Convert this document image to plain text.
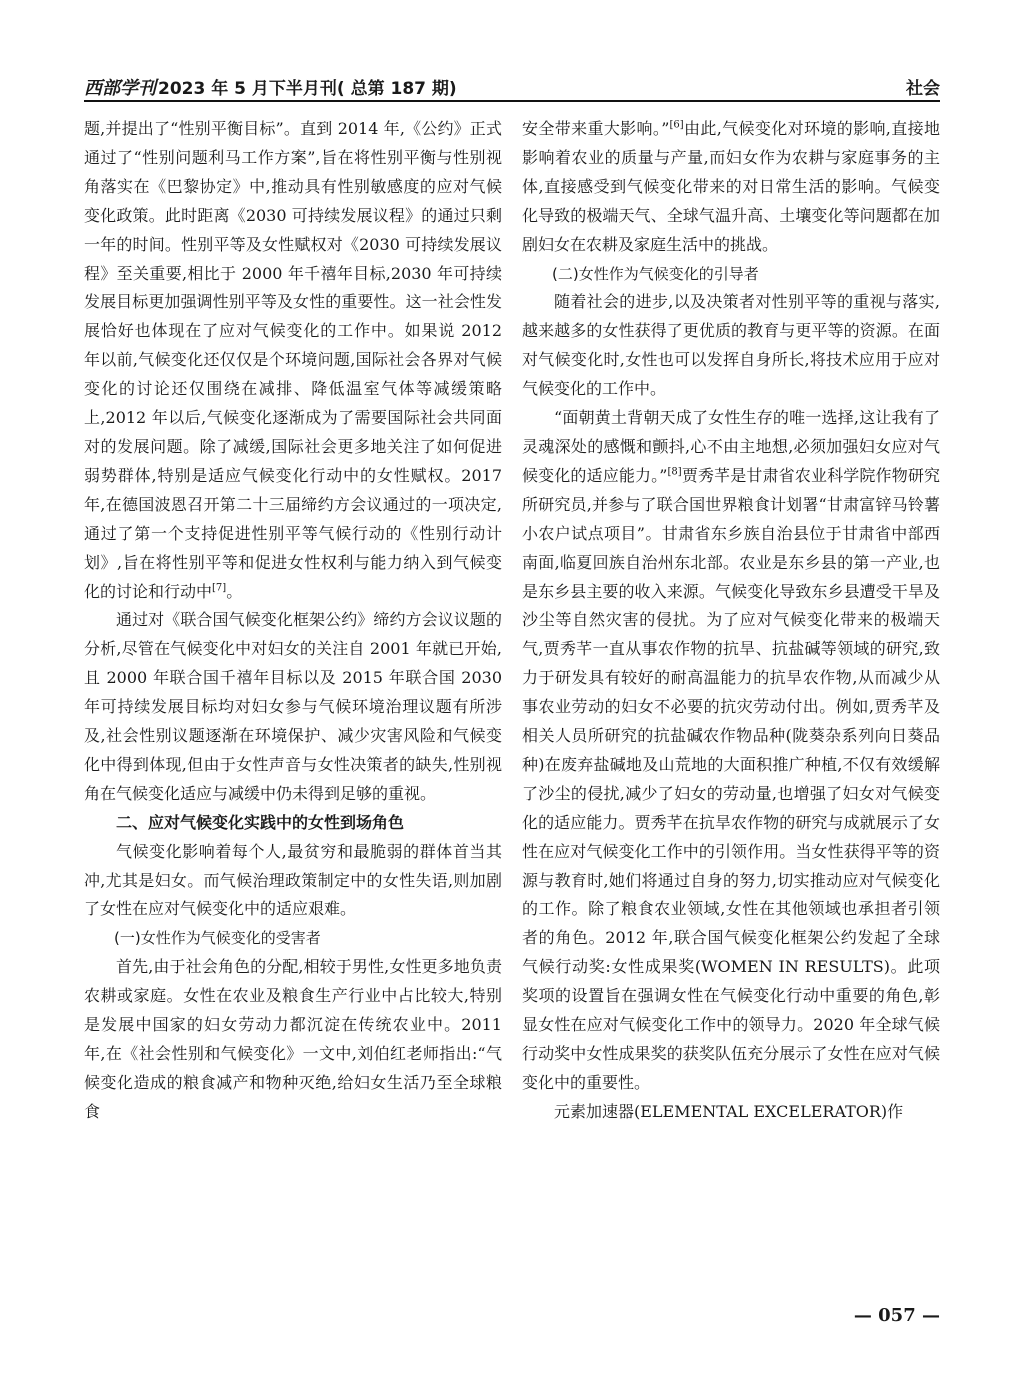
西部学刊 2023 年 5 月下半月刊( 总第 187 期)	社会

题,并提出了“性别平衡目标”。直到 2014 年,《公约》正式通过了“性别问题利马工作方案”,旨在将性别平衡与性别视角落实在《巴黎协定》中,推动具有性别敏感度的应对气候变化政策。此时距离《2030 可持续发展议程》的通过只剩一年的时间。性别平等及女性赋权对《2030 可持续发展议程》至关重要,相比于 2000 年千禧年目标,2030 年可持续发展目标更加强调性别平等及女性的重要性。这一社会性发展恰好也体现在了应对气候变化的工作中。如果说 2012 年以前,气候变化还仅仅是个环境问题,国际社会各界对气候变化的讨论还仅围绕在减排、降低温室气体等减缓策略上,2012 年以后,气候变化逐渐成为了需要国际社会共同面对的发展问题。除了减缓,国际社会更多地关注了如何促进弱势群体,特别是适应气候变化行动中的女性赋权。2017 年,在德国波恩召开第二十三届缔约方会议通过的一项决定,通过了第一个支持促进性别平等气候行动的《性别行动计划》,旨在将性别平等和促进女性权利与能力纳入到气候变化的讨论和行动中[7]。

通过对《联合国气候变化框架公约》缔约方会议议题的分析,尽管在气候变化中对妇女的关注自 2001 年就已开始,且 2000 年联合国千禧年目标以及 2015 年联合国 2030 年可持续发展目标均对妇女参与气候环境治理议题有所涉及,社会性别议题逐渐在环境保护、减少灾害风险和气候变化中得到体现,但由于女性声音与女性决策者的缺失,性别视角在气候变化适应与减缓中仍未得到足够的重视。

二、应对气候变化实践中的女性到场角色

气候变化影响着每个人,最贫穷和最脆弱的群体首当其冲,尤其是妇女。而气候治理政策制定中的女性失语,则加剧了女性在应对气候变化中的适应艰难。

(一)女性作为气候变化的受害者

首先,由于社会角色的分配,相较于男性,女性更多地负责农耕或家庭。女性在农业及粮食生产行业中占比较大,特别是发展中国家的妇女劳动力都沉淀在传统农业中。2011 年,在《社会性别和气候变化》一文中,刘伯红老师指出:“气候变化造成的粮食减产和物种灭绝,给妇女生活乃至全球粮食

安全带来重大影响。”[6]由此,气候变化对环境的影响,直接地影响着农业的质量与产量,而妇女作为农耕与家庭事务的主体,直接感受到气候变化带来的对日常生活的影响。气候变化导致的极端天气、全球气温升高、土壤变化等问题都在加剧妇女在农耕及家庭生活中的挑战。

(二)女性作为气候变化的引导者

随着社会的进步,以及决策者对性别平等的重视与落实,越来越多的女性获得了更优质的教育与更平等的资源。在面对气候变化时,女性也可以发挥自身所长,将技术应用于应对气候变化的工作中。

“面朝黄土背朝天成了女性生存的唯一选择,这让我有了灵魂深处的感慨和颤抖,心不由主地想,必须加强妇女应对气候变化的适应能力。”[8]贾秀芊是甘肃省农业科学院作物研究所研究员,并参与了联合国世界粮食计划署“甘肃富锌马铃薯小农户试点项目”。甘肃省东乡族自治县位于甘肃省中部西南面,临夏回族自治州东北部。农业是东乡县的第一产业,也是东乡县主要的收入来源。气候变化导致东乡县遭受干旱及沙尘等自然灾害的侵扰。为了应对气候变化带来的极端天气,贾秀芊一直从事农作物的抗旱、抗盐碱等领域的研究,致力于研发具有较好的耐高温能力的抗旱农作物,从而减少从事农业劳动的妇女不必要的抗灾劳动付出。例如,贾秀芊及相关人员所研究的抗盐碱农作物品种(陇葵杂系列向日葵品种)在废弃盐碱地及山荒地的大面积推广种植,不仅有效缓解了沙尘的侵扰,减少了妇女的劳动量,也增强了妇女对气候变化的适应能力。贾秀芊在抗旱农作物的研究与成就展示了女性在应对气候变化工作中的引领作用。当女性获得平等的资源与教育时,她们将通过自身的努力,切实推动应对气候变化的工作。除了粮食农业领域,女性在其他领域也承担者引领者的角色。2012 年,联合国气候变化框架公约发起了全球气候行动奖:女性成果奖(WOMEN IN RESULTS)。此项奖项的设置旨在强调女性在气候变化行动中重要的角色,彰显女性在应对气候变化工作中的领导力。2020 年全球气候行动奖中女性成果奖的获奖队伍充分展示了女性在应对气候变化中的重要性。

元素加速器(ELEMENTAL EXCELERATOR)作

— 057 —
